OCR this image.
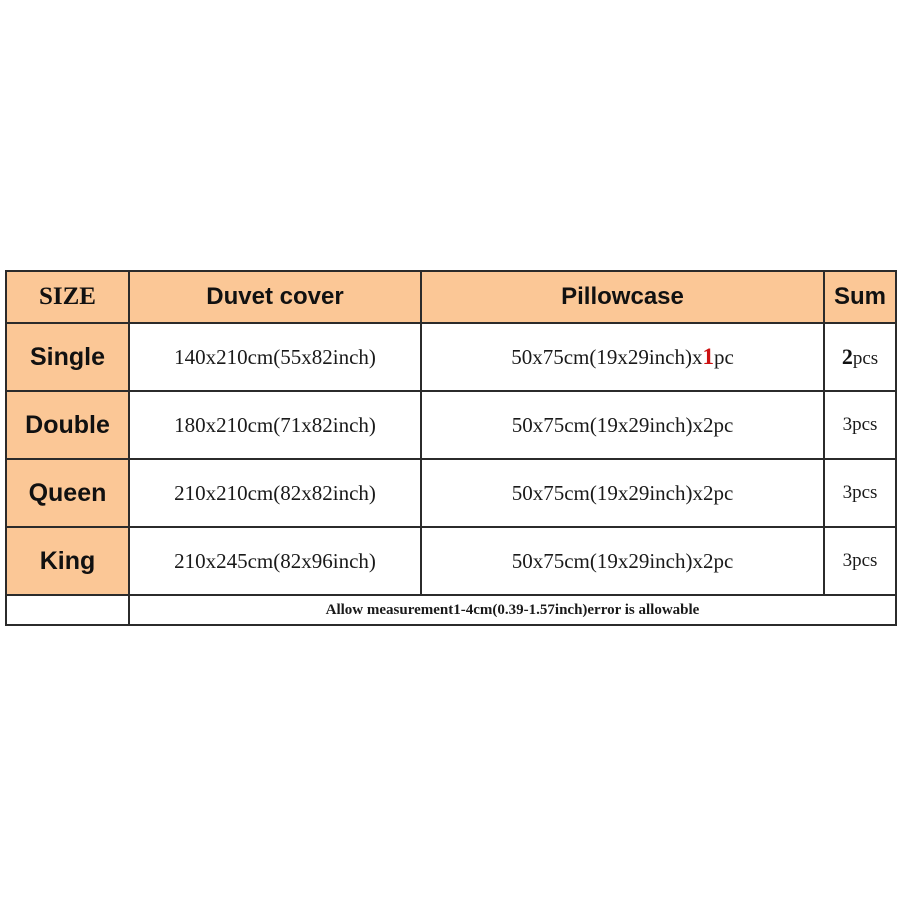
SIZE	Duvet cover	Pillowcase	Sum
Single	140x210cm(55x82inch)	50x75cm(19x29inch)x1pc	2pcs
Double	180x210cm(71x82inch)	50x75cm(19x29inch)x2pc	3pcs
Queen	210x210cm(82x82inch)	50x75cm(19x29inch)x2pc	3pcs
King	210x245cm(82x96inch)	50x75cm(19x29inch)x2pc	3pcs
	Allow measurement1-4cm(0.39-1.57inch)error is allowable		
